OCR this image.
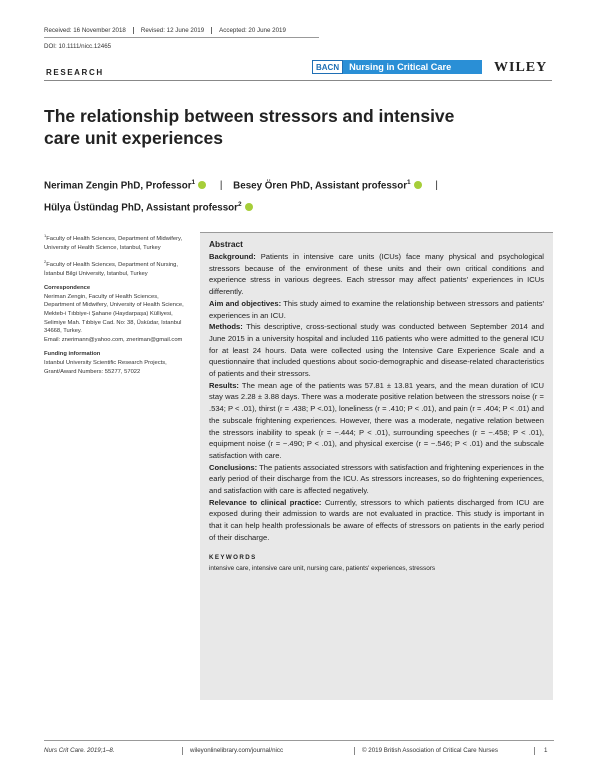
Received: 16 November 2018	Revised: 12 June 2019	Accepted: 20 June 2019
DOI: 10.1111/nicc.12465
RESEARCH
BACN	Nursing in Critical Care	WILEY
The relationship between stressors and intensive care unit experiences
Neriman Zengin PhD, Professor$^1$	| Besey Ören PhD, Assistant professor$^1$	|
Hülya Üstündag PhD, Assistant professor$^2$
$^1$Faculty of Health Sciences, Department of Midwifery, University of Health Science, Istanbul, Turkey
$^2$Faculty of Health Sciences, Department of Nursing, İstanbul Bilgi University, Istanbul, Turkey
Correspondence
Neriman Zengin, Faculty of Health Sciences, Department of Midwifery, University of Health Science, Mekteb-i Tıbbiye-i Şahane (Haydarpaşa) Külliyesi, Selimiye Mah. Tıbbiye Cad. No: 38, Üsküdar, Istanbul 34668, Turkey.
Email: znerimann@yahoo.com, zneriman@gmail.com
Funding information
Istanbul University Scientific Research Projects, Grant/Award Numbers: 55277, 57022
Abstract

Background: Patients in intensive care units (ICUs) face many physical and psychological stressors because of the environment of these units and their own critical conditions and experience stress in various degrees. Each stressor may affect patients' experiences in ICUs differently.

Aim and objectives: This study aimed to examine the relationship between stressors and patients' experiences in an ICU.

Methods: This descriptive, cross-sectional study was conducted between September 2014 and June 2015 in a university hospital and included 116 patients who were admitted to the general ICU for at least 24 hours. Data were collected using the Intensive Care Experience Scale and a questionnaire that included questions about socio-demographic and disease-related characteristics of patients and their stressors.

Results: The mean age of the patients was 57.81 ± 13.81 years, and the mean duration of ICU stay was 2.28 ± 3.88 days. There was a moderate positive relation between the stressors noise (r = .534; P < .01), thirst (r = .438; P <.01), loneliness (r = .410; P < .01), and pain (r = .404; P < .01) and the subscale frightening experiences. However, there was a moderate, negative relation between the stressors inability to speak (r = −.444; P < .01), surrounding speeches (r = −.458; P < .01), equipment noise (r = −.490; P < .01), and physical exercise (r = −.546; P < .01) and the subscale satisfaction with care.

Conclusions: The patients associated stressors with satisfaction and frightening experiences in the early period of their discharge from the ICU. As stressors increases, so do frightening experiences, and satisfaction with care is affected negatively.

Relevance to clinical practice: Currently, stressors to which patients discharged from ICU are exposed during their admission to wards are not evaluated in practice. This study is important in that it can help health professionals be aware of effects of stressors on patients in the early period of their discharge.

KEYWORDS
intensive care, intensive care unit, nursing care, patients' experiences, stressors
Nurs Crit Care. 2019;1–8.	wileyonlinelibrary.com/journal/nicc	© 2019 British Association of Critical Care Nurses	1
